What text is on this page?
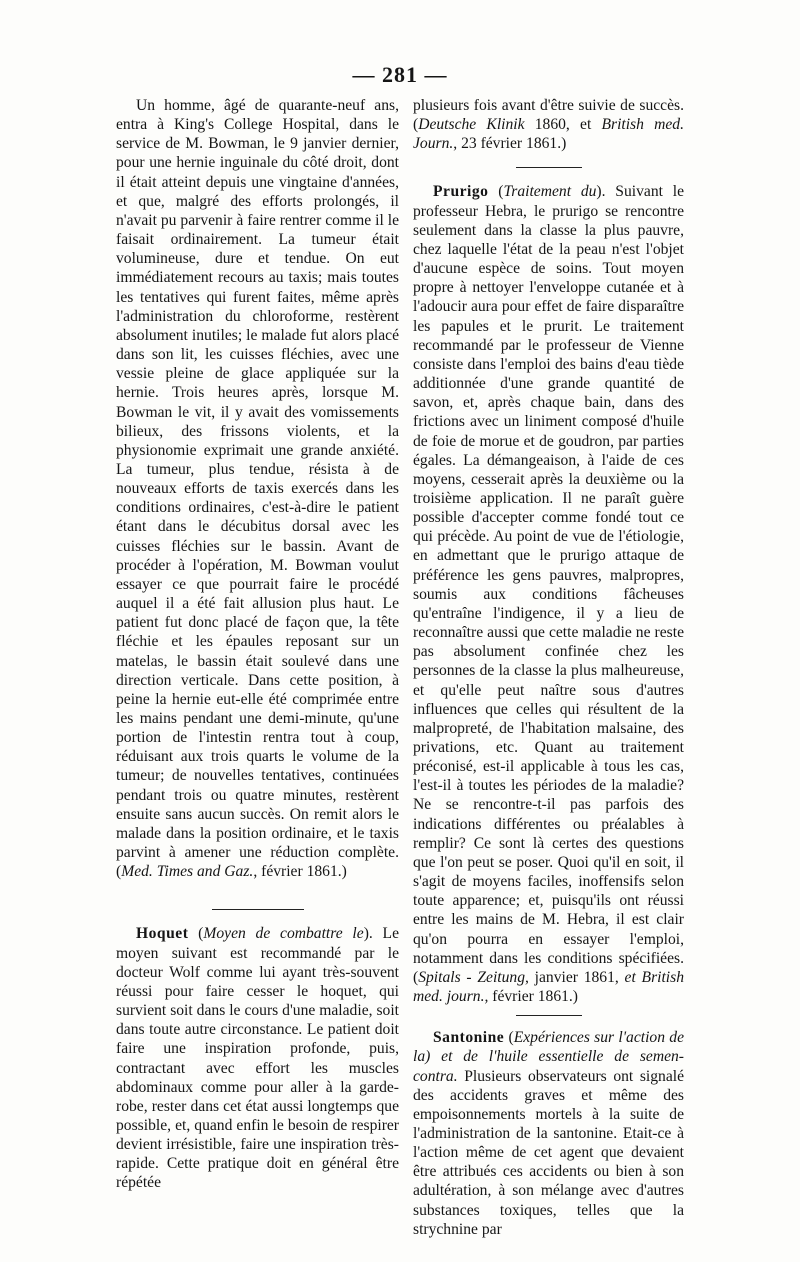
— 281 —

Un homme, âgé de quarante-neuf ans, entra à King's College Hospital, dans le service de M. Bowman, le 9 janvier dernier, pour une hernie inguinale du côté droit, dont il était atteint depuis une vingtaine d'années, et que, malgré des efforts prolongés, il n'avait pu parvenir à faire rentrer comme il le faisait ordinairement. La tumeur était volumineuse, dure et tendue. On eut immédiatement recours au taxis; mais toutes les tentatives qui furent faites, même après l'administration du chloroforme, restèrent absolument inutiles; le malade fut alors placé dans son lit, les cuisses fléchies, avec une vessie pleine de glace appliquée sur la hernie. Trois heures après, lorsque M. Bowman le vit, il y avait des vomissements bilieux, des frissons violents, et la physionomie exprimait une grande anxiété. La tumeur, plus tendue, résista à de nouveaux efforts de taxis exercés dans les conditions ordinaires, c'est-à-dire le patient étant dans le décubitus dorsal avec les cuisses fléchies sur le bassin. Avant de procéder à l'opération, M. Bowman voulut essayer ce que pourrait faire le procédé auquel il a été fait allusion plus haut. Le patient fut donc placé de façon que, la tête fléchie et les épaules reposant sur un matelas, le bassin était soulevé dans une direction verticale. Dans cette position, à peine la hernie eut-elle été comprimée entre les mains pendant une demi-minute, qu'une portion de l'intestin rentra tout à coup, réduisant aux trois quarts le volume de la tumeur; de nouvelles tentatives, continuées pendant trois ou quatre minutes, restèrent ensuite sans aucun succès. On remit alors le malade dans la position ordinaire, et le taxis parvint à amener une réduction complète. (Med. Times and Gaz., février 1861.)

Hoquet (Moyen de combattre le). Le moyen suivant est recommandé par le docteur Wolf comme lui ayant très-souvent réussi pour faire cesser le hoquet, qui survient soit dans le cours d'une maladie, soit dans toute autre circonstance. Le patient doit faire une inspiration profonde, puis, contractant avec effort les muscles abdominaux comme pour aller à la garde-robe, rester dans cet état aussi longtemps que possible, et, quand enfin le besoin de respirer devient irrésistible, faire une inspiration très-rapide. Cette pratique doit en général être répétée

plusieurs fois avant d'être suivie de succès. (Deutsche Klinik 1860, et British med. Journ., 23 février 1861.)

Prurigo (Traitement du). Suivant le professeur Hebra, le prurigo se rencontre seulement dans la classe la plus pauvre, chez laquelle l'état de la peau n'est l'objet d'aucune espèce de soins. Tout moyen propre à nettoyer l'enveloppe cutanée et à l'adoucir aura pour effet de faire disparaître les papules et le prurit. Le traitement recommandé par le professeur de Vienne consiste dans l'emploi des bains d'eau tiède additionnée d'une grande quantité de savon, et, après chaque bain, dans des frictions avec un liniment composé d'huile de foie de morue et de goudron, par parties égales. La démangeaison, à l'aide de ces moyens, cesserait après la deuxième ou la troisième application. Il ne paraît guère possible d'accepter comme fondé tout ce qui précède. Au point de vue de l'étiologie, en admettant que le prurigo attaque de préférence les gens pauvres, malpropres, soumis aux conditions fâcheuses qu'entraîne l'indigence, il y a lieu de reconnaître aussi que cette maladie ne reste pas absolument confinée chez les personnes de la classe la plus malheureuse, et qu'elle peut naître sous d'autres influences que celles qui résultent de la malpropreté, de l'habitation malsaine, des privations, etc. Quant au traitement préconisé, est-il applicable à tous les cas, l'est-il à toutes les périodes de la maladie? Ne se rencontre-t-il pas parfois des indications différentes ou préalables à remplir? Ce sont là certes des questions que l'on peut se poser. Quoi qu'il en soit, il s'agit de moyens faciles, inoffensifs selon toute apparence; et, puisqu'ils ont réussi entre les mains de M. Hebra, il est clair qu'on pourra en essayer l'emploi, notamment dans les conditions spécifiées. (Spitals - Zeitung, janvier 1861, et British med. journ., février 1861.)

Santonine (Expériences sur l'action de la) et de l'huile essentielle de semen-contra. Plusieurs observateurs ont signalé des accidents graves et même des empoisonnements mortels à la suite de l'administration de la santonine. Etait-ce à l'action même de cet agent que devaient être attribués ces accidents ou bien à son adultération, à son mélange avec d'autres substances toxiques, telles que la strychnine par
